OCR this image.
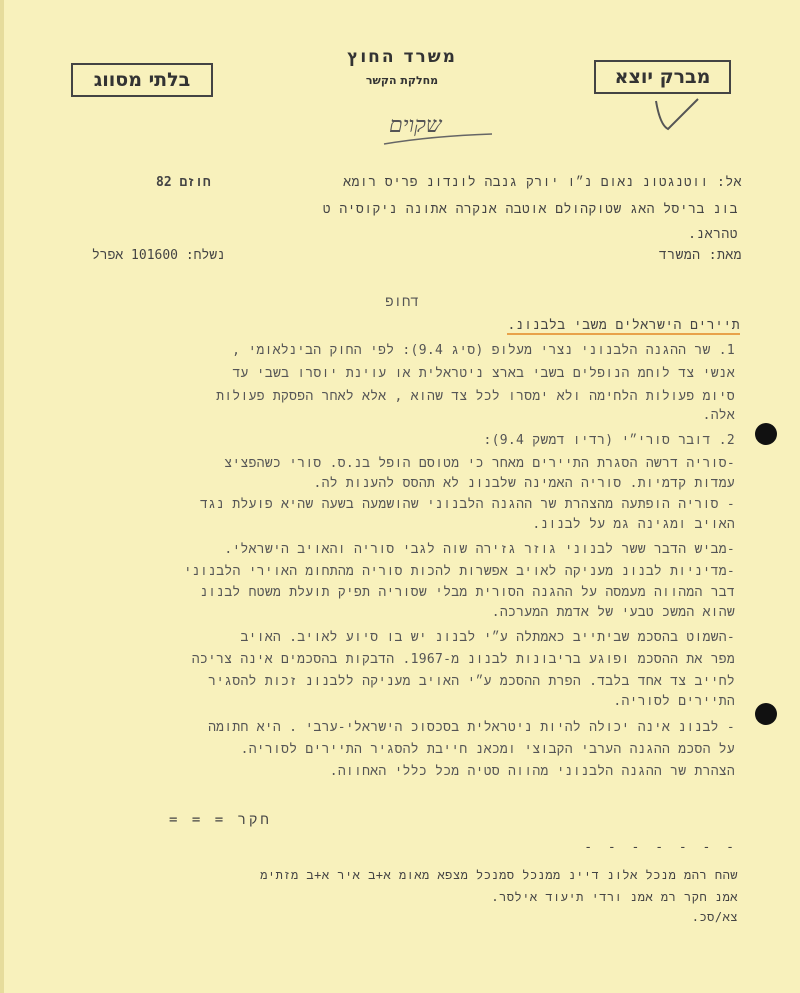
משרד החוץ
מחלקת הקשר
בלתי מסווג	מברק יוצא
שקוים
אל: ווטנגטונ נאום נ״ו יורק גנבה לונדונ פריס רומא
חוזם 82
בונ בריסל האג שטוקהולם אוטבה אנקרה אתונה ניקוסיה ט
טהראנ.
מאת: המשרד
נשלח: 101600 אפרל
דחופ
תיירים הישראלים משבי בלבנונ.
1. שר ההגנה הלבנוני נצרי מעלופ (סיג 9.4): לפי החוק הבינלאומי ,
אנשי צד לוחמ הנופלים בשבי בארצ ניטראלית או עוינת יוסרו בשבי עד
סיומ פעולות הלחימה ולא ימסרו לכל צד שהוא , אלא לאחר הפסקת פעולות
אלה.
2. דובר סורי״י (רדיו דמשק 9.4):
-סוריה דרשה הסגרת התיירים מאחר כי מטוסם הופל בנ.ס. סורי כשהפציצ
עמדות קדמיות. סוריה האמינה שלבנונ לא תהסס להענות לה.
- סוריה הופתעה מהצהרת שר ההגנה הלבנוני שהושמעה בשעה שהיא פועלת נגד
האויב ומגינה גמ על לבנונ.
-מביש הדבר ששר לבנוני גוזר גזירה שוה לגבי סוריה והאויב הישראלי.
-מדיניות לבנונ מעניקה לאויב אפשרות להכות סוריה מהתחומ האוירי הלבנוני
דבר המהווה מעמסה על ההגנה הסורית מבלי שסוריה תפיק תועלת משטח לבנונ
שהוא המשכ טבעי של אדמת המערכה.
-השמוט בהסכמ שביתייב כאמתלה ע״י לבנונ יש בו סיוע לאויב. האויב
מפר את ההסכמ ופוגע בריבונות לבנונ מ-1967. הדבקות בהסכמים אינה צריכה
לחייב צד אחד בלבד. הפרת ההסכמ ע״י האויב מעניקה ללבנונ זכות להסגיר
התיירים לסוריה.
- לבנונ אינה יכולה להיות ניטראלית בסכסוכ הישראלי-ערבי . היא חתומה
על הסכמ ההגנה הערבי הקבוצי ומכאנ חייבת להסגיר התיירים לסוריה.
הצהרת שר ההגנה הלבנוני מהווה סטיה מכל כללי האחווה.
חקר = = =
- - - - - - -
שהח רהמ מנכל אלונ דיינ ממנכל סמנכל מצפא מאומ א+ב איר א+ב מזתימ
אמנ חקר רמ אמנ ורדי תיעוד אילסר.
צא/סכ.
